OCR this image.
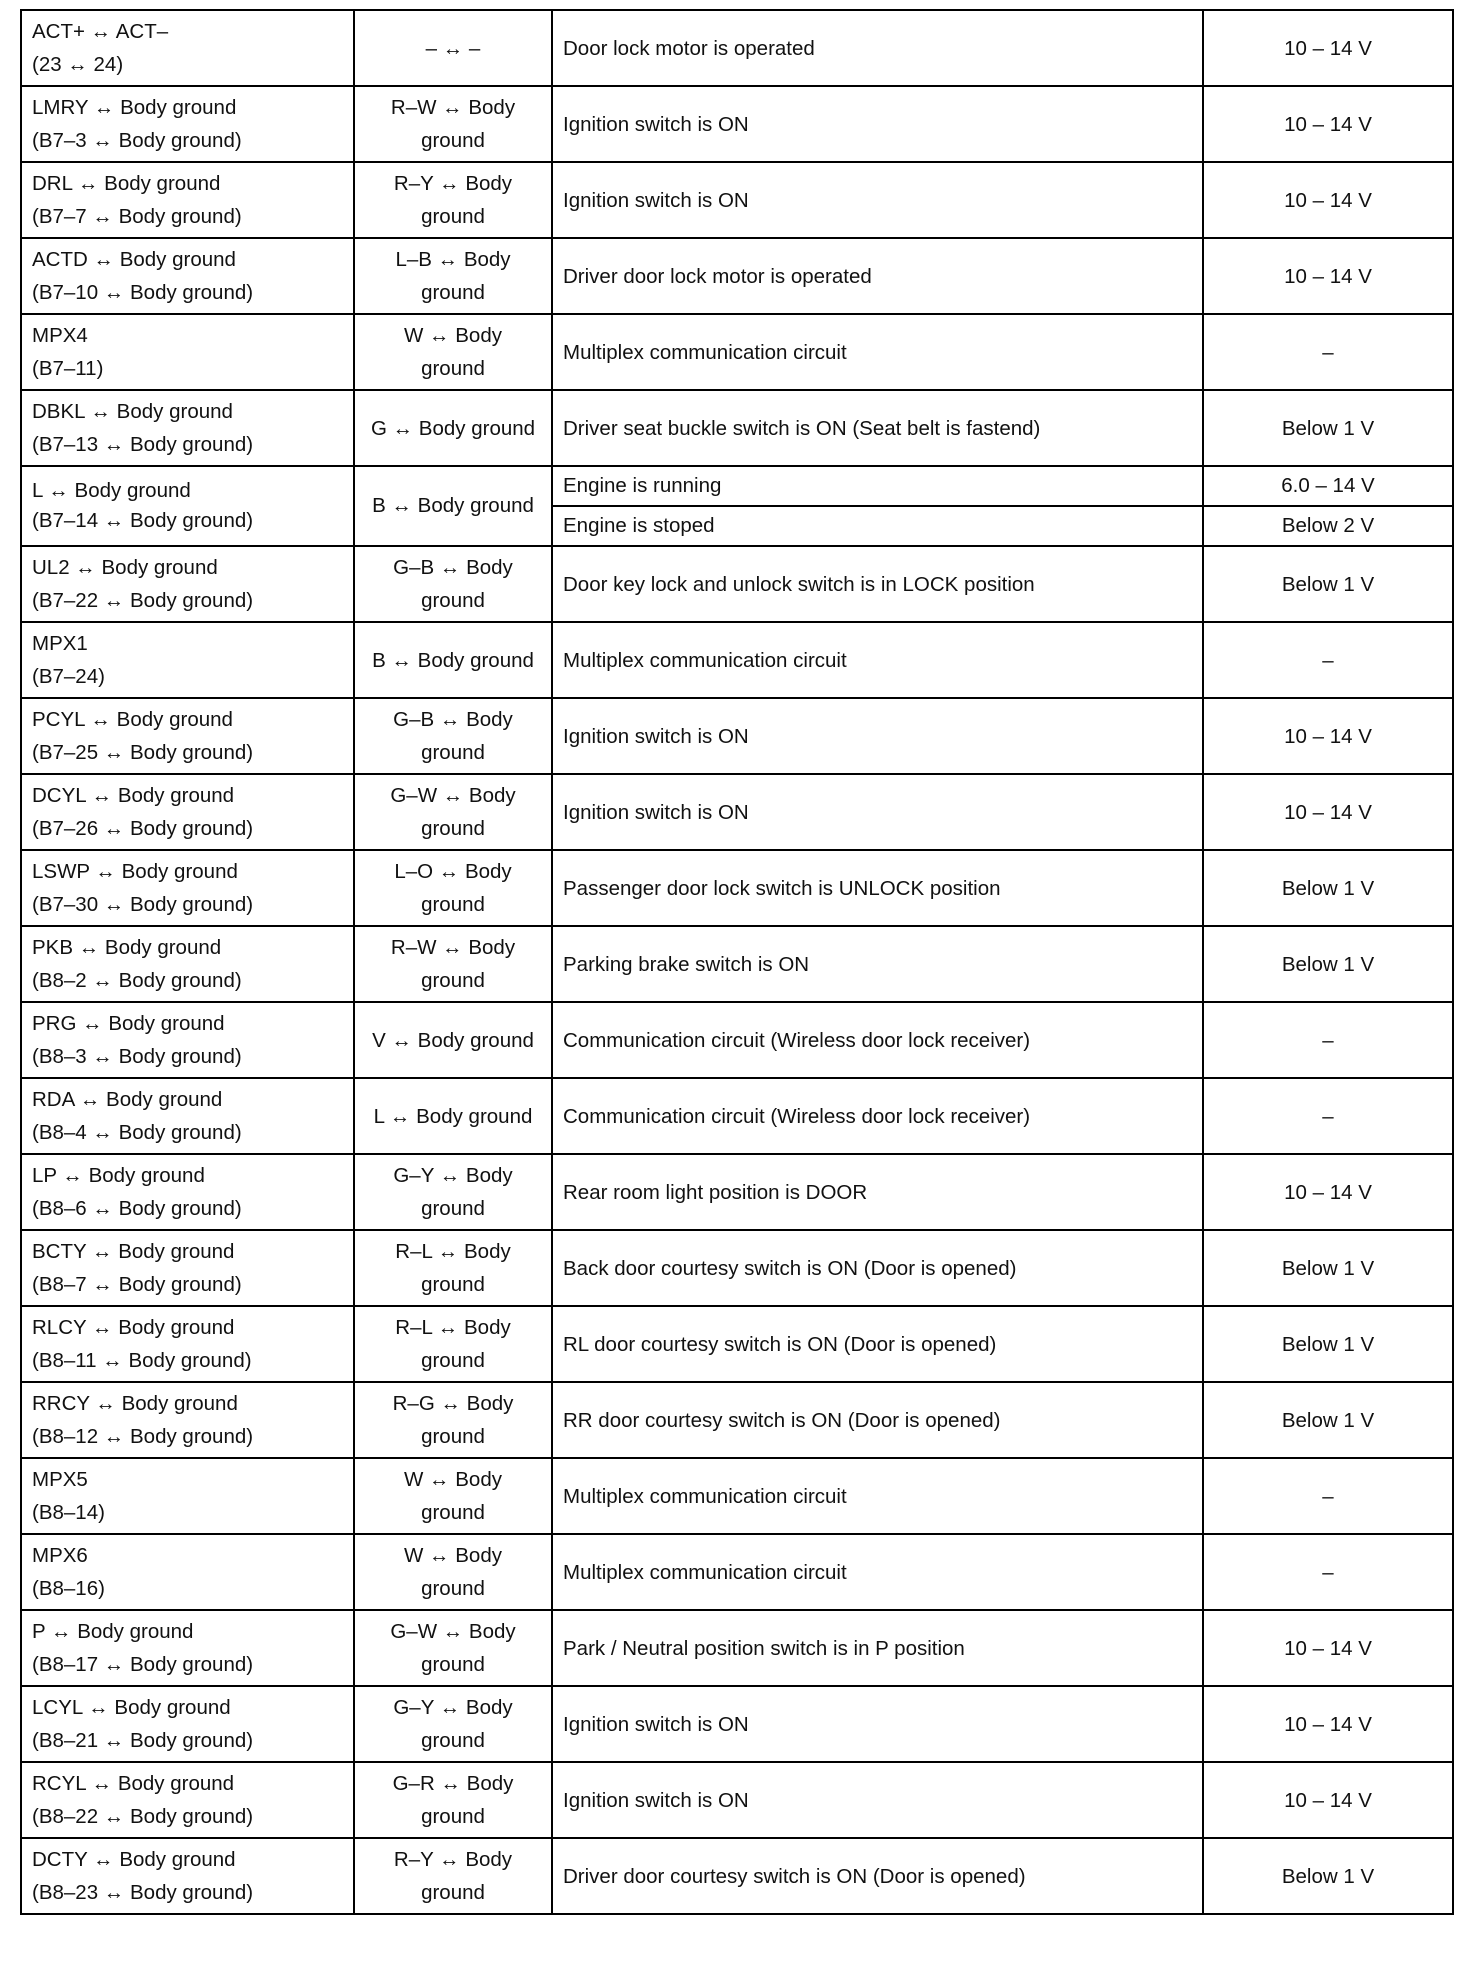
ACT+ ↔ ACT–
(23 ↔ 24)	– ↔ –	Door lock motor is operated	10 – 14 V

LMRY ↔ Body ground
(B7–3 ↔ Body ground)	R–W ↔ Body
ground	Ignition switch is ON	10 – 14 V

DRL ↔ Body ground
(B7–7 ↔ Body ground)	R–Y ↔ Body
ground	Ignition switch is ON	10 – 14 V

ACTD ↔ Body ground
(B7–10 ↔ Body ground)	L–B ↔ Body
ground	Driver door lock motor is operated	10 – 14 V

MPX4
(B7–11)	W ↔ Body
ground	Multiplex communication circuit	–

DBKL ↔ Body ground
(B7–13 ↔ Body ground)	G ↔ Body ground	Driver seat buckle switch is ON (Seat belt is fastend)	Below 1 V

L ↔ Body ground
(B7–14 ↔ Body ground)	B ↔ Body ground	Engine is running	6.0 – 14 V
		Engine is stoped	Below 2 V

UL2 ↔ Body ground
(B7–22 ↔ Body ground)	G–B ↔ Body
ground	Door key lock and unlock switch is in LOCK position	Below 1 V

MPX1
(B7–24)	B ↔ Body ground	Multiplex communication circuit	–

PCYL ↔ Body ground
(B7–25 ↔ Body ground)	G–B ↔ Body
ground	Ignition switch is ON	10 – 14 V

DCYL ↔ Body ground
(B7–26 ↔ Body ground)	G–W ↔ Body
ground	Ignition switch is ON	10 – 14 V

LSWP ↔ Body ground
(B7–30 ↔ Body ground)	L–O ↔ Body
ground	Passenger door lock switch is UNLOCK position	Below 1 V

PKB ↔ Body ground
(B8–2 ↔ Body ground)	R–W ↔ Body
ground	Parking brake switch is ON	Below 1 V

PRG ↔ Body ground
(B8–3 ↔ Body ground)	V ↔ Body ground	Communication circuit (Wireless door lock receiver)	–

RDA ↔ Body ground
(B8–4 ↔ Body ground)	L ↔ Body ground	Communication circuit (Wireless door lock receiver)	–

LP ↔ Body ground
(B8–6 ↔ Body ground)	G–Y ↔ Body
ground	Rear room light position is DOOR	10 – 14 V

BCTY ↔ Body ground
(B8–7 ↔ Body ground)	R–L ↔ Body
ground	Back door courtesy switch is ON (Door is opened)	Below 1 V

RLCY ↔ Body ground
(B8–11 ↔ Body ground)	R–L ↔ Body
ground	RL door courtesy switch is ON (Door is opened)	Below 1 V

RRCY ↔ Body ground
(B8–12 ↔ Body ground)	R–G ↔ Body
ground	RR door courtesy switch is ON (Door is opened)	Below 1 V

MPX5
(B8–14)	W ↔ Body
ground	Multiplex communication circuit	–

MPX6
(B8–16)	W ↔ Body
ground	Multiplex communication circuit	–

P ↔ Body ground
(B8–17 ↔ Body ground)	G–W ↔ Body
ground	Park / Neutral position switch is in P position	10 – 14 V

LCYL ↔ Body ground
(B8–21 ↔ Body ground)	G–Y ↔ Body
ground	Ignition switch is ON	10 – 14 V

RCYL ↔ Body ground
(B8–22 ↔ Body ground)	G–R ↔ Body
ground	Ignition switch is ON	10 – 14 V

DCTY ↔ Body ground
(B8–23 ↔ Body ground)	R–Y ↔ Body
ground	Driver door courtesy switch is ON (Door is opened)	Below 1 V
